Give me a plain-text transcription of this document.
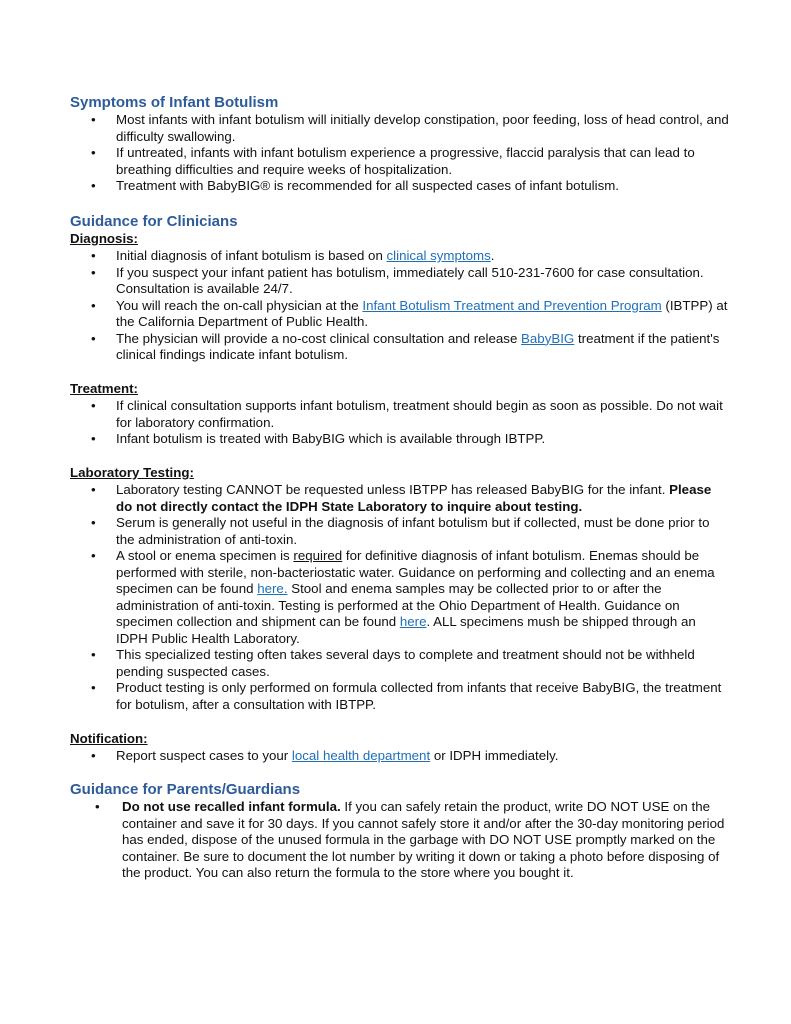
Symptoms of Infant Botulism
• Most infants with infant botulism will initially develop constipation, poor feeding, loss of head control, and difficulty swallowing.
• If untreated, infants with infant botulism experience a progressive, flaccid paralysis that can lead to breathing difficulties and require weeks of hospitalization.
• Treatment with BabyBIG® is recommended for all suspected cases of infant botulism.
Guidance for Clinicians
Diagnosis:
• Initial diagnosis of infant botulism is based on clinical symptoms.
• If you suspect your infant patient has botulism, immediately call 510-231-7600 for case consultation. Consultation is available 24/7.
• You will reach the on-call physician at the Infant Botulism Treatment and Prevention Program (IBTPP) at the California Department of Public Health.
• The physician will provide a no-cost clinical consultation and release BabyBIG treatment if the patient's clinical findings indicate infant botulism.
Treatment:
• If clinical consultation supports infant botulism, treatment should begin as soon as possible. Do not wait for laboratory confirmation.
• Infant botulism is treated with BabyBIG which is available through IBTPP.
Laboratory Testing:
• Laboratory testing CANNOT be requested unless IBTPP has released BabyBIG for the infant. Please do not directly contact the IDPH State Laboratory to inquire about testing.
• Serum is generally not useful in the diagnosis of infant botulism but if collected, must be done prior to the administration of anti-toxin.
• A stool or enema specimen is required for definitive diagnosis of infant botulism. Enemas should be performed with sterile, non-bacteriostatic water. Guidance on performing and collecting and an enema specimen can be found here. Stool and enema samples may be collected prior to or after the administration of anti-toxin. Testing is performed at the Ohio Department of Health. Guidance on specimen collection and shipment can be found here. ALL specimens mush be shipped through an IDPH Public Health Laboratory.
• This specialized testing often takes several days to complete and treatment should not be withheld pending suspected cases.
• Product testing is only performed on formula collected from infants that receive BabyBIG, the treatment for botulism, after a consultation with IBTPP.
Notification:
• Report suspect cases to your local health department or IDPH immediately.
Guidance for Parents/Guardians
• Do not use recalled infant formula. If you can safely retain the product, write DO NOT USE on the container and save it for 30 days. If you cannot safely store it and/or after the 30-day monitoring period has ended, dispose of the unused formula in the garbage with DO NOT USE promptly marked on the container. Be sure to document the lot number by writing it down or taking a photo before disposing of the product. You can also return the formula to the store where you bought it.
